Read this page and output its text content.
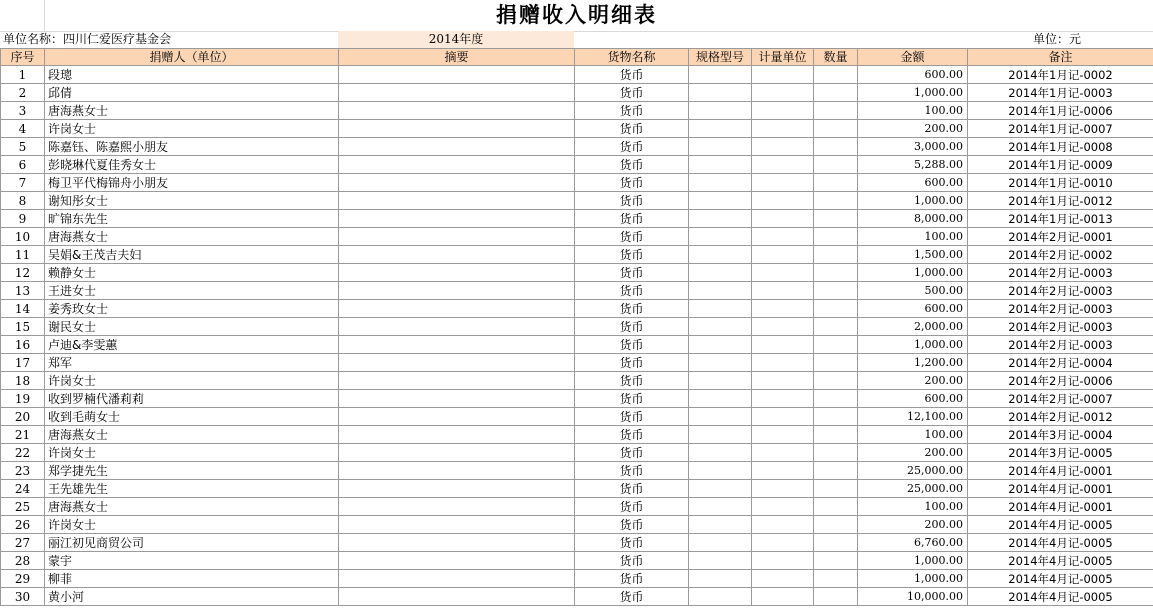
捐赠收入明细表
单位名称：四川仁爱医疗基金会	2014年度	单位：元
序号	捐赠人（单位）	摘要	货物名称	规格型号	计量单位	数量	金额	备注
1	段璁		货币				600.00	2014年1月记-0002
2	邱倩		货币				1,000.00	2014年1月记-0003
3	唐海燕女士		货币				100.00	2014年1月记-0006
4	许岗女士		货币				200.00	2014年1月记-0007
5	陈嘉钰、陈嘉熙小朋友		货币				3,000.00	2014年1月记-0008
6	彭晓琳代夏佳秀女士		货币				5,288.00	2014年1月记-0009
7	梅卫平代梅锦舟小朋友		货币				600.00	2014年1月记-0010
8	谢知彤女士		货币				1,000.00	2014年1月记-0012
9	旷锦东先生		货币				8,000.00	2014年1月记-0013
10	唐海燕女士		货币				100.00	2014年2月记-0001
11	吴娟&王茂吉夫妇		货币				1,500.00	2014年2月记-0002
12	赖静女士		货币				1,000.00	2014年2月记-0003
13	王进女士		货币				500.00	2014年2月记-0003
14	姜秀玫女士		货币				600.00	2014年2月记-0003
15	谢民女士		货币				2,000.00	2014年2月记-0003
16	卢迪&李雯蕙		货币				1,000.00	2014年2月记-0003
17	郑军		货币				1,200.00	2014年2月记-0004
18	许岗女士		货币				200.00	2014年2月记-0006
19	收到罗楠代潘莉莉		货币				600.00	2014年2月记-0007
20	收到毛萌女士		货币				12,100.00	2014年2月记-0012
21	唐海燕女士		货币				100.00	2014年3月记-0004
22	许岗女士		货币				200.00	2014年3月记-0005
23	郑学捷先生		货币				25,000.00	2014年4月记-0001
24	王先雄先生		货币				25,000.00	2014年4月记-0001
25	唐海燕女士		货币				100.00	2014年4月记-0001
26	许岗女士		货币				200.00	2014年4月记-0005
27	丽江初见商贸公司		货币				6,760.00	2014年4月记-0005
28	蒙宇		货币				1,000.00	2014年4月记-0005
29	柳菲		货币				1,000.00	2014年4月记-0005
30	黄小河		货币				10,000.00	2014年4月记-0005
